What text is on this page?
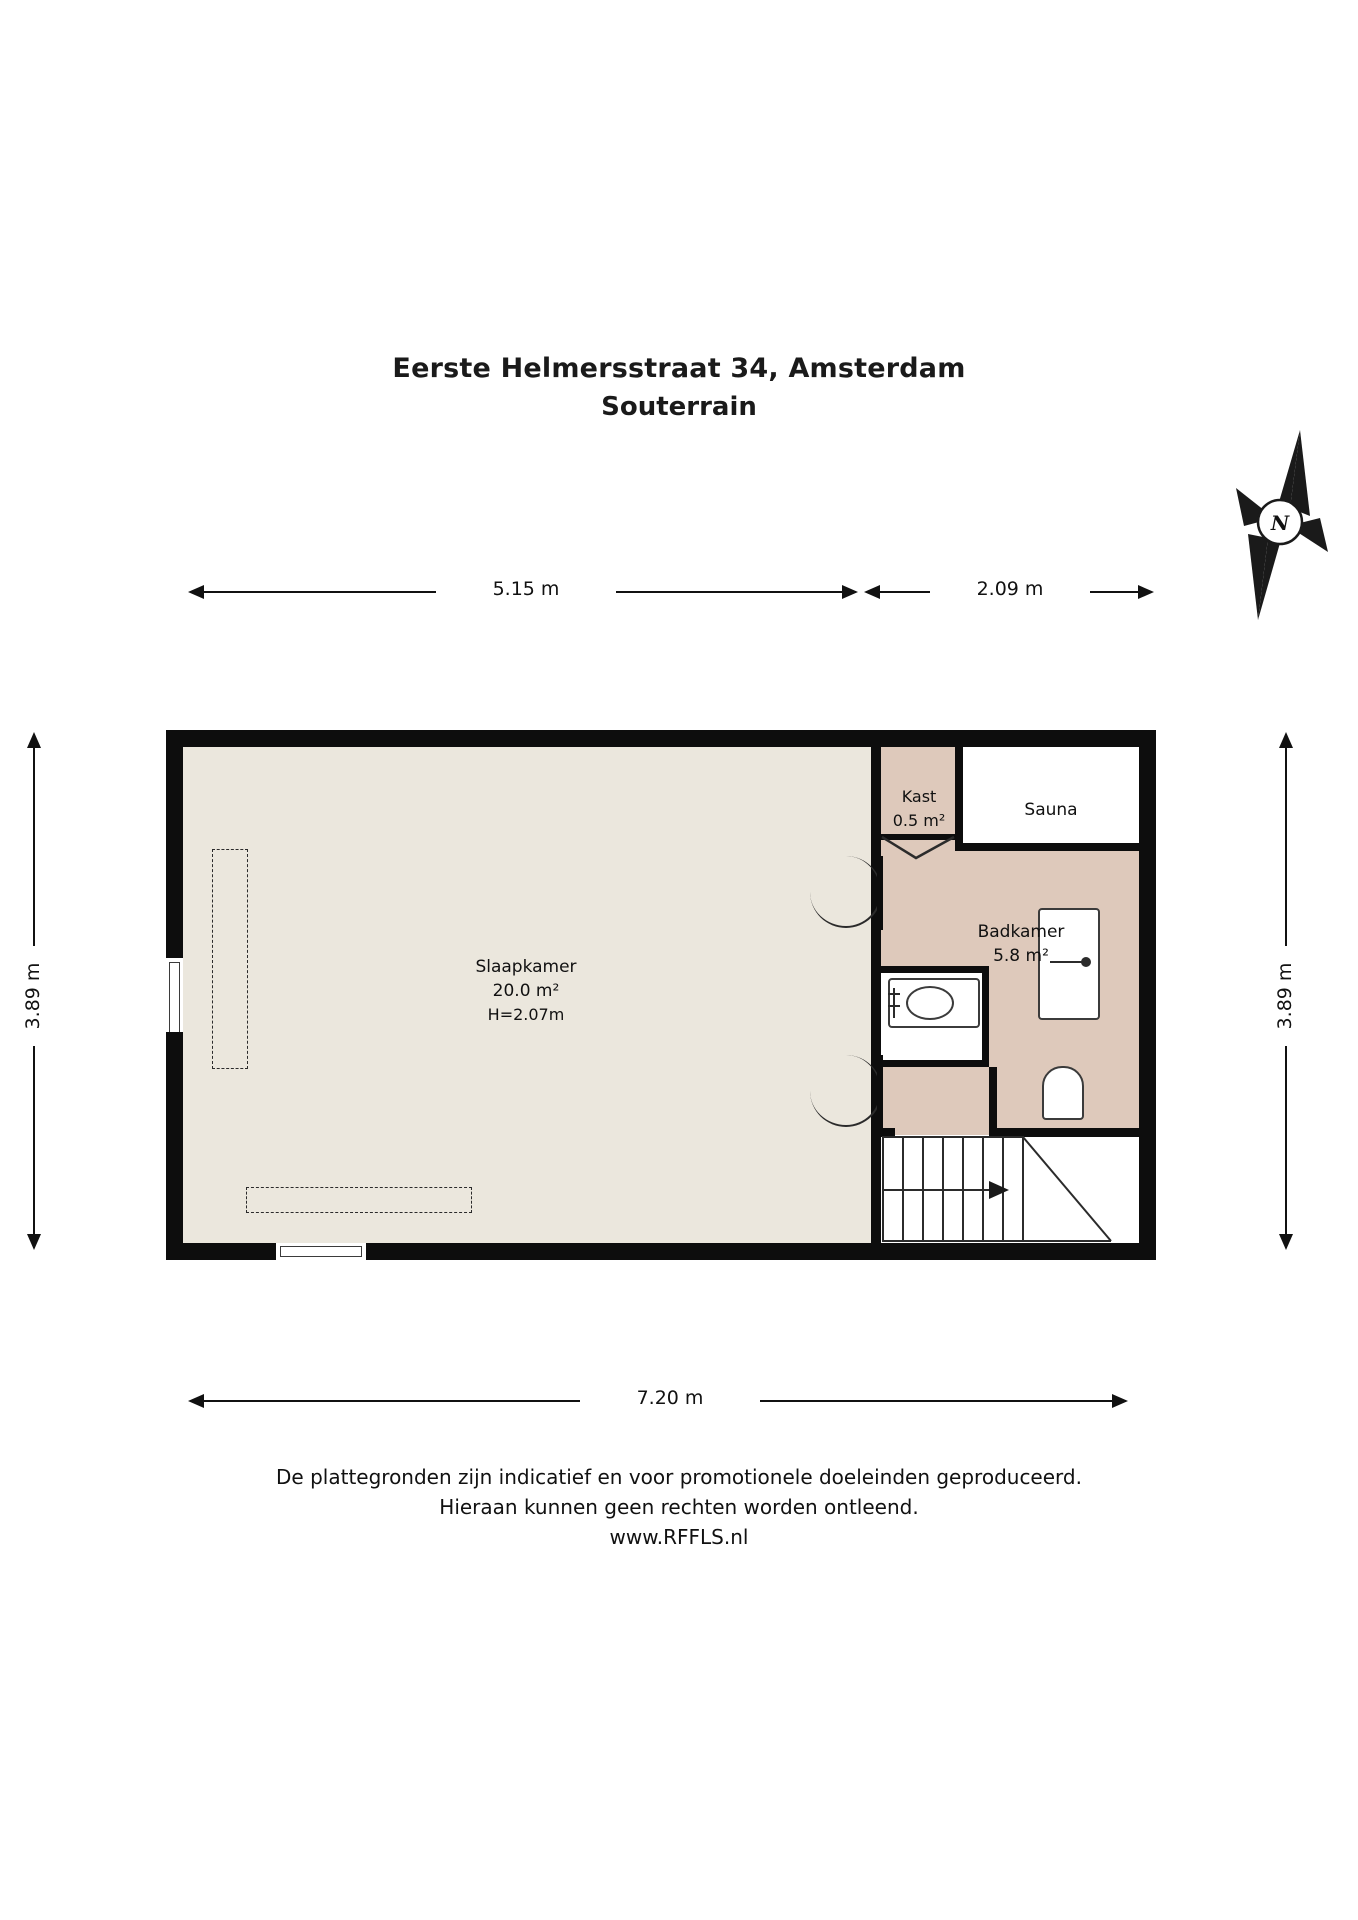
Eerste Helmersstraat 34, Amsterdam
Souterrain
N
5.15 m	2.09 m
3.89 m	3.89 m
7.20 m
Slaapkamer
20.0 m²
H=2.07m
Badkamer
5.8 m²
Kast
0.5 m²
Sauna
De plattegronden zijn indicatief en voor promotionele doeleinden geproduceerd.
Hieraan kunnen geen rechten worden ontleend.
www.RFFLS.nl
